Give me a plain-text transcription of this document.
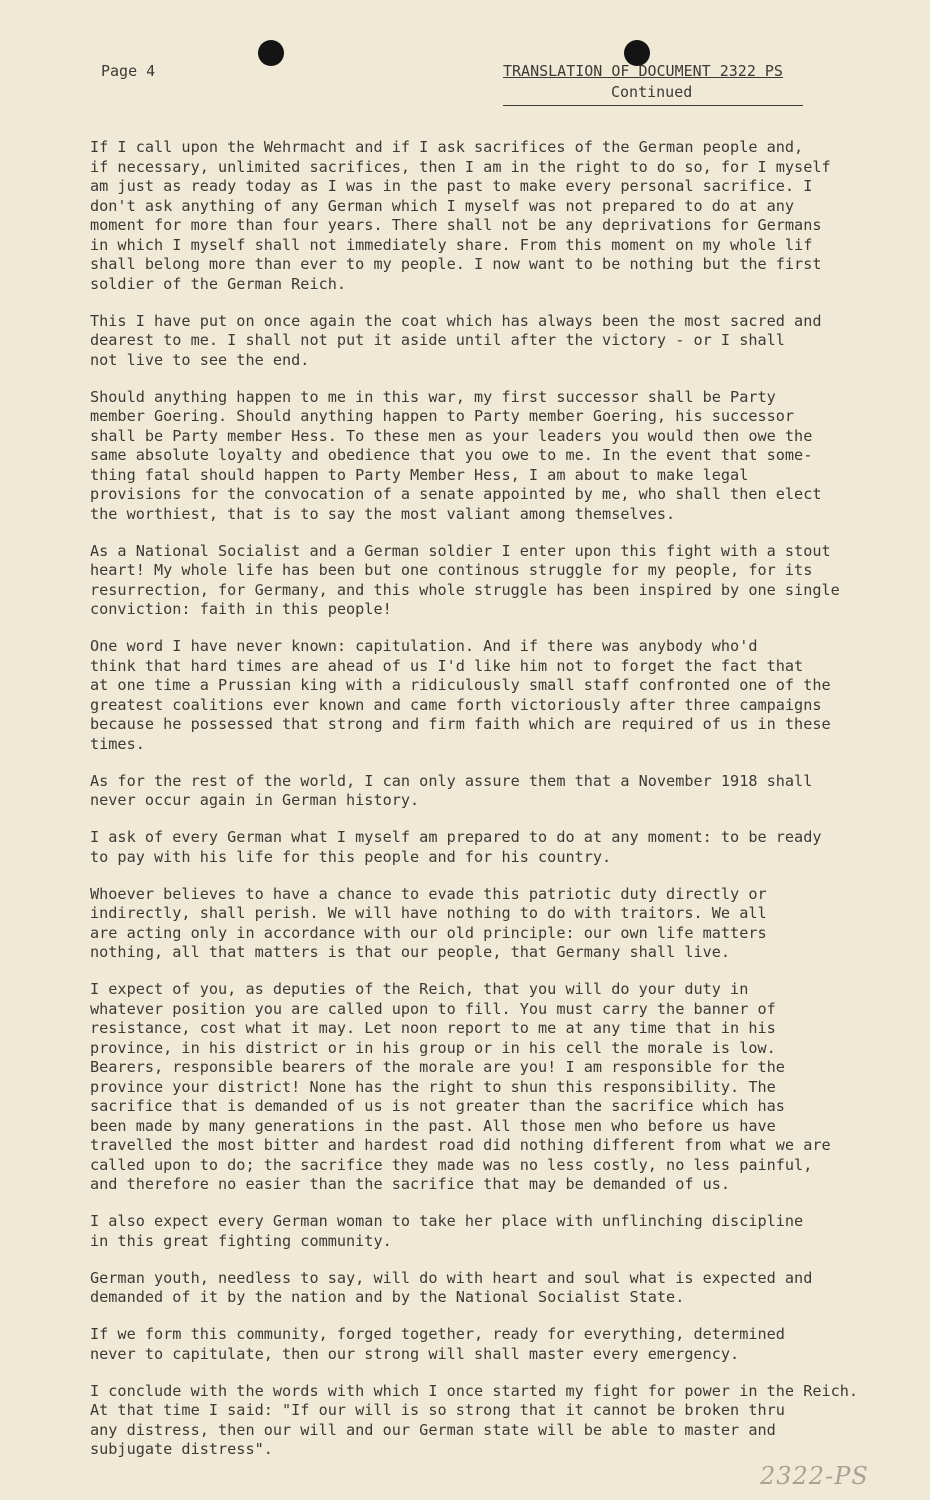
Page 4	TRANSLATION OF DOCUMENT 2322 PS
Continued

If I call upon the Wehrmacht and if I ask sacrifices of the German people and,
if necessary, unlimited sacrifices, then I am in the right to do so, for I myself
am just as ready today as I was in the past to make every personal sacrifice. I
don't ask anything of any German which I myself was not prepared to do at any
moment for more than four years. There shall not be any deprivations for Germans
in which I myself shall not immediately share. From this moment on my whole lif
shall belong more than ever to my people. I now want to be nothing but the first
soldier of the German Reich.

This I have put on once again the coat which has always been the most sacred and
dearest to me. I shall not put it aside until after the victory - or I shall
not live to see the end.

Should anything happen to me in this war, my first successor shall be Party
member Goering. Should anything happen to Party member Goering, his successor
shall be Party member Hess. To these men as your leaders you would then owe the
same absolute loyalty and obedience that you owe to me. In the event that some-
thing fatal should happen to Party Member Hess, I am about to make legal
provisions for the convocation of a senate appointed by me, who shall then elect
the worthiest, that is to say the most valiant among themselves.

As a National Socialist and a German soldier I enter upon this fight with a stout
heart! My whole life has been but one continous struggle for my people, for its
resurrection, for Germany, and this whole struggle has been inspired by one single
conviction: faith in this people!

One word I have never known: capitulation. And if there was anybody who'd
think that hard times are ahead of us I'd like him not to forget the fact that
at one time a Prussian king with a ridiculously small staff confronted one of the
greatest coalitions ever known and came forth victoriously after three campaigns
because he possessed that strong and firm faith which are required of us in these
times.

As for the rest of the world, I can only assure them that a November 1918 shall
never occur again in German history.

I ask of every German what I myself am prepared to do at any moment: to be ready
to pay with his life for this people and for his country.

Whoever believes to have a chance to evade this patriotic duty directly or
indirectly, shall perish. We will have nothing to do with traitors. We all
are acting only in accordance with our old principle: our own life matters
nothing, all that matters is that our people, that Germany shall live.

I expect of you, as deputies of the Reich, that you will do your duty in
whatever position you are called upon to fill. You must carry the banner of
resistance, cost what it may. Let noon report to me at any time that in his
province, in his district or in his group or in his cell the morale is low.
Bearers, responsible bearers of the morale are you! I am responsible for the
province your district! None has the right to shun this responsibility. The
sacrifice that is demanded of us is not greater than the sacrifice which has
been made by many generations in the past. All those men who before us have
travelled the most bitter and hardest road did nothing different from what we are
called upon to do; the sacrifice they made was no less costly, no less painful,
and therefore no easier than the sacrifice that may be demanded of us.

I also expect every German woman to take her place with unflinching discipline
in this great fighting community.

German youth, needless to say, will do with heart and soul what is expected and
demanded of it by the nation and by the National Socialist State.

If we form this community, forged together, ready for everything, determined
never to capitulate, then our strong will shall master every emergency.

I conclude with the words with which I once started my fight for power in the Reich.
At that time I said: "If our will is so strong that it cannot be broken thru
any distress, then our will and our German state will be able to master and
subjugate distress".

2322-PS
